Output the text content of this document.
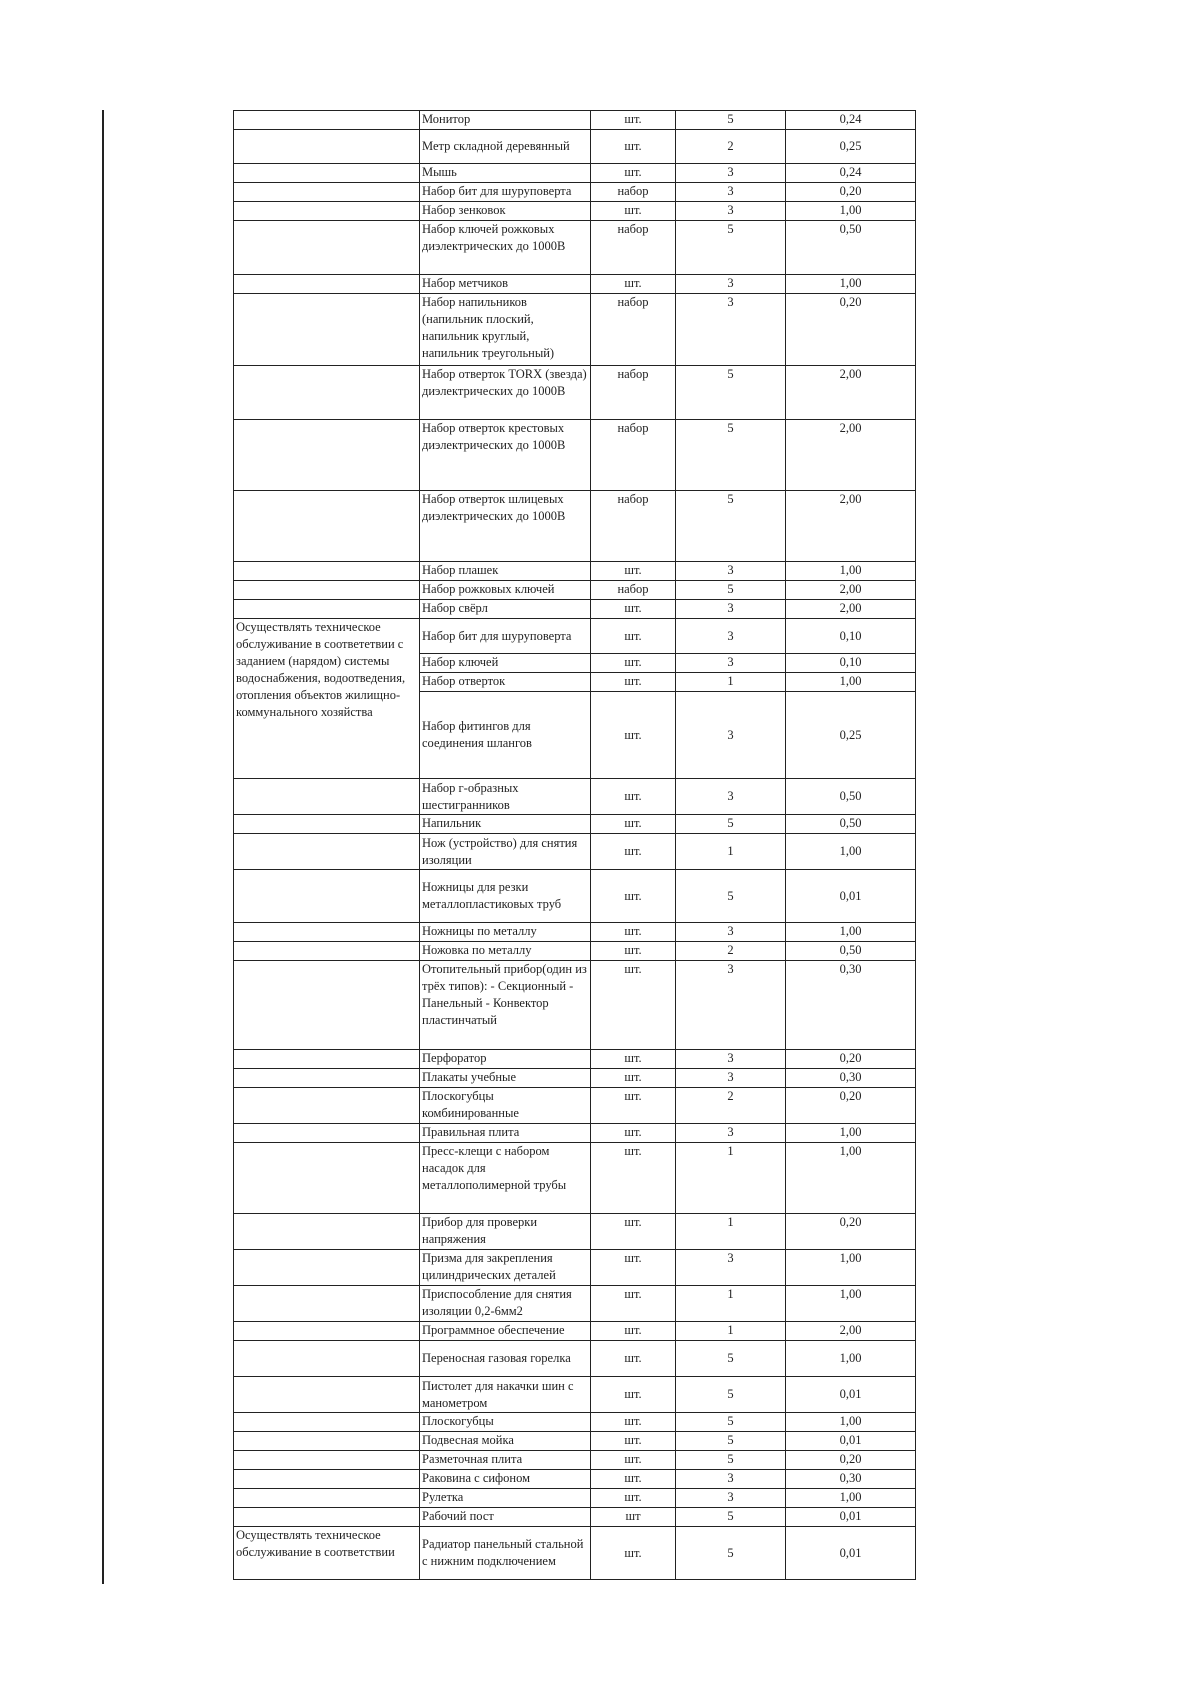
	Монитор	шт.	5	0,24
	Метр складной деревянный	шт.	2	0,25
	Мышь	шт.	3	0,24
	Набор бит для шуруповерта	набор	3	0,20
	Набор зенковок	шт.	3	1,00
	Набор ключей рожковых диэлектрических до 1000В	набор	5	0,50
	Набор метчиков	шт.	3	1,00
	Набор напильников (напильник плоский, напильник круглый, напильник треугольный)	набор	3	0,20
	Набор отверток TORX (звезда) диэлектрических до 1000В	набор	5	2,00
	Набор отверток крестовых диэлектрических до 1000В	набор	5	2,00
	Набор отверток шлицевых диэлектрических до 1000В	набор	5	2,00
	Набор плашек	шт.	3	1,00
	Набор рожковых ключей	набор	5	2,00
	Набор свёрл	шт.	3	2,00
Осуществлять техническое обслуживание в соответетвии с заданием (нарядом) системы водоснабжения, водоотведения, отопления объектов жилищно-коммунального хозяйства	Набор бит для шуруповерта	шт.	3	0,10
	Набор ключей	шт.	3	0,10
	Набор отверток	шт.	1	1,00
	Набор фитингов для соединения шлангов	шт.	3	0,25
	Набор г-образных шестигранников	шт.	3	0,50
	Напильник	шт.	5	0,50
	Нож (устройство) для снятия изоляции	шт.	1	1,00
	Ножницы для резки металлопластиковых труб	шт.	5	0,01
	Ножницы по металлу	шт.	3	1,00
	Ножовка по металлу	шт.	2	0,50
	Отопительный прибор(один из трёх типов): - Секционный - Панельный - Конвектор пластинчатый	шт.	3	0,30
	Перфоратор	шт.	3	0,20
	Плакаты учебные	шт.	3	0,30
	Плоскогубцы комбинированные	шт.	2	0,20
	Правильная плита	шт.	3	1,00
	Пресс-клещи с набором насадок для металлополимерной трубы	шт.	1	1,00
	Прибор для проверки напряжения	шт.	1	0,20
	Призма для закрепления цилиндрических деталей	шт.	3	1,00
	Приспособление для снятия изоляции 0,2-6мм2	шт.	1	1,00
	Программное обеспечение	шт.	1	2,00
	Переносная газовая горелка	шт.	5	1,00
	Пистолет для накачки шин с манометром	шт.	5	0,01
	Плоскогубцы	шт.	5	1,00
	Подвесная мойка	шт.	5	0,01
	Разметочная плита	шт.	5	0,20
	Раковина с сифоном	шт.	3	0,30
	Рулетка	шт.	3	1,00
	Рабочий пост	шт	5	0,01
Осуществлять техническое обслуживание в соответствии	Радиатор панельный стальной с нижним подключением	шт.	5	0,01
